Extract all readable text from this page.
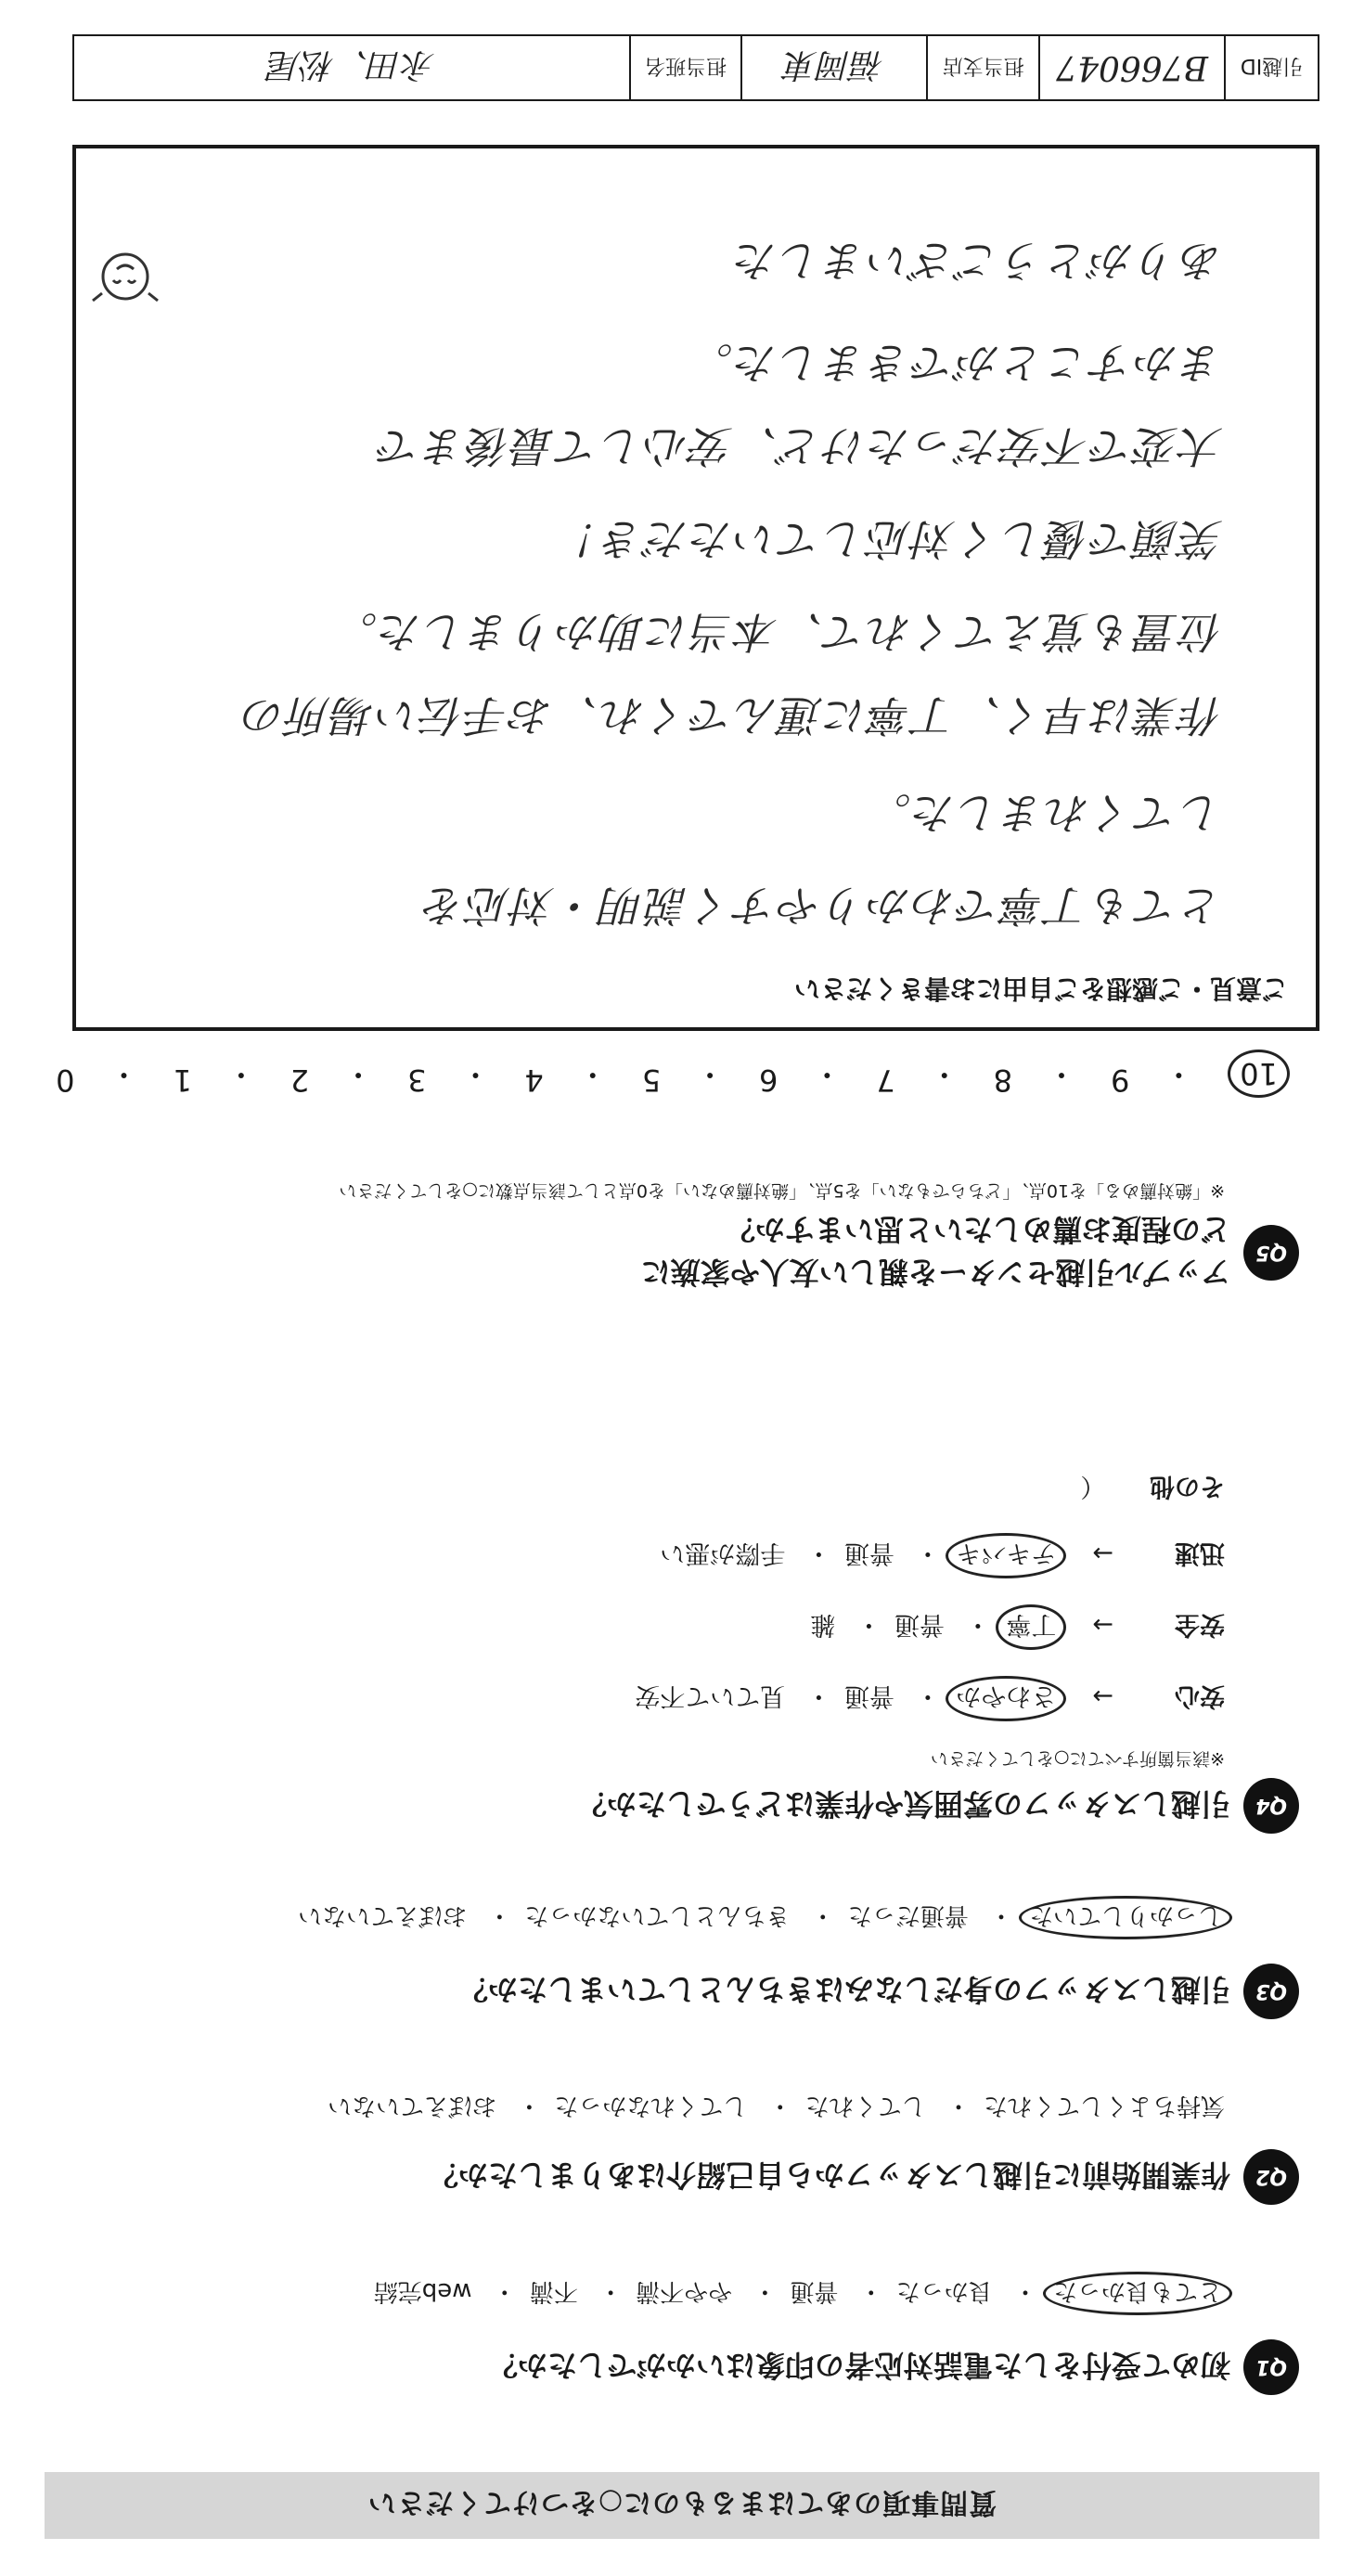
質問事項のあてはまるものに○をつけてください
Q1
初めて受付をした電話対応者の印象はいかがでしたか？
とても良かった・ 良かった・ 普通・ やや不満・ 不満・ web完結
Q2
作業開始前に引越しスタッフから自己紹介はありましたか？
気持ちよくしてくれた・ してくれた・ してくれなかった・ おぼえていない
Q3
引越しスタッフの身だしなみはきちんとしていましたか？
しっかりしていた・ 普通だった・ きちんとしていなかった・ おぼえていない
Q4
引越しスタッフの雰囲気や作業はどうでしたか？
※該当箇所すべてに○をしてください
安心→ さわやか・ 普通・ 見ていて不安
安全→ 丁寧・ 普通・ 雑
迅速→ テキパキ・ 普通・ 手際が悪い
その他 （
Q5
アップル引越センターを親しい友人や家族に
どの程度お薦めしたいと思いますか？
※「絶対薦める」を10点、「どちらでもない」を5点、「絶対薦めない」を0点として該当点数に○をしてください
10
・
9
・
8
・
7
・
6
・
5
・
4
・
3
・
2
・
1
・
0
ご意見・ご感想をご自由にお書きください
とても丁寧でわかりやすく説明・対応を
してくれました。
作業は早く、丁寧に運んでくれ、お手伝い場所の
位置も覚えてくれて、本当に助かりました。
笑顔で優しく対応していただき！
大変で不安だったけど、安心して最後まで
まかすことができました。
ありがとうございました
引越ID
B766047
担当支店
福岡東
担当班名
永田、松尾
